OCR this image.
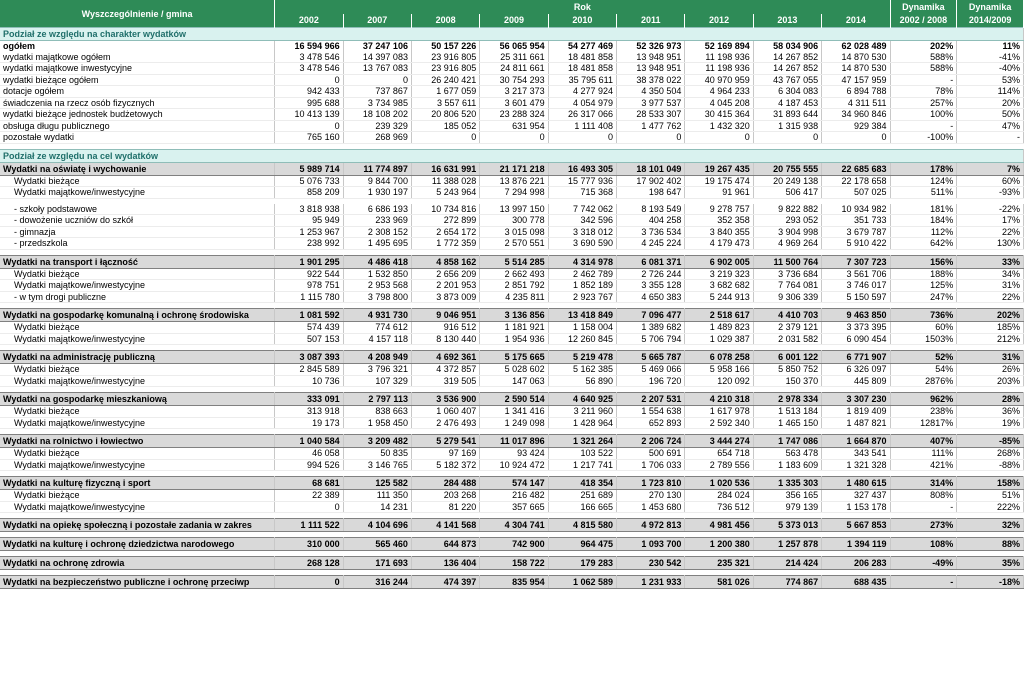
Wyszczególnienie / gmina	Rok									Dynamika	Dynamika
	2002	2007	2008	2009	2010	2011	2012	2013	2014	2002 / 2008	2014/2009
Podział ze względu na charakter wydatków											
ogółem	16 594 966	37 247 106	50 157 226	56 065 954	54 277 469	52 326 973	52 169 894	58 034 906	62 028 489	202%	11%
wydatki majątkowe ogółem	3 478 546	14 397 083	23 916 805	25 311 661	18 481 858	13 948 951	11 198 936	14 267 852	14 870 530	588%	-41%
wydatki majątkowe inwestycyjne	3 478 546	13 767 083	23 916 805	24 811 661	18 481 858	13 948 951	11 198 936	14 267 852	14 870 530	588%	-40%
wydatki bieżące ogółem	0	0	26 240 421	30 754 293	35 795 611	38 378 022	40 970 959	43 767 055	47 157 959	-	53%
dotacje ogółem	942 433	737 867	1 677 059	3 217 373	4 277 924	4 350 504	4 964 233	6 304 083	6 894 788	78%	114%
świadczenia na rzecz osób fizycznych	995 688	3 734 985	3 557 611	3 601 479	4 054 979	3 977 537	4 045 208	4 187 453	4 311 511	257%	20%
wydatki bieżące jednostek budżetowych	10 413 139	18 108 202	20 806 520	23 288 324	26 317 066	28 533 307	30 415 364	31 893 644	34 960 846	100%	50%
obsługa długu publicznego	0	239 329	185 052	631 954	1 111 408	1 477 762	1 432 320	1 315 938	929 384	-	47%
pozostałe wydatki	765 160	268 969	0	0	0	0	0	0	0	-100%	-

Podział ze względu na cel wydatków											
Wydatki na oświatę i wychowanie	5 989 714	11 774 897	16 631 991	21 171 218	16 493 305	18 101 049	19 267 435	20 755 555	22 685 683	178%	7%
Wydatki bieżące	5 076 733	9 844 700	11 388 028	13 876 221	15 777 936	17 902 402	19 175 474	20 249 138	22 178 658	124%	60%
Wydatki majątkowe/inwestycyjne	858 209	1 930 197	5 243 964	7 294 998	715 368	198 647	91 961	506 417	507 025	511%	-93%

- szkoły podstawowe	3 818 938	6 686 193	10 734 816	13 997 150	7 742 062	8 193 549	9 278 757	9 822 882	10 934 982	181%	-22%
- dowożenie uczniów do szkół	95 949	233 969	272 899	300 778	342 596	404 258	352 358	293 052	351 733	184%	17%
- gimnazja	1 253 967	2 308 152	2 654 172	3 015 098	3 318 012	3 736 534	3 840 355	3 904 998	3 679 787	112%	22%
- przedszkola	238 992	1 495 695	1 772 359	2 570 551	3 690 590	4 245 224	4 179 473	4 969 264	5 910 422	642%	130%

Wydatki na transport i łączność	1 901 295	4 486 418	4 858 162	5 514 285	4 314 978	6 081 371	6 902 005	11 500 764	7 307 723	156%	33%
Wydatki bieżące	922 544	1 532 850	2 656 209	2 662 493	2 462 789	2 726 244	3 219 323	3 736 684	3 561 706	188%	34%
Wydatki majątkowe/inwestycyjne	978 751	2 953 568	2 201 953	2 851 792	1 852 189	3 355 128	3 682 682	7 764 081	3 746 017	125%	31%
- w tym drogi publiczne	1 115 780	3 798 800	3 873 009	4 235 811	2 923 767	4 650 383	5 244 913	9 306 339	5 150 597	247%	22%

Wydatki na gospodarkę komunalną i ochronę środowiska	1 081 592	4 931 730	9 046 951	3 136 856	13 418 849	7 096 477	2 518 617	4 410 703	9 463 850	736%	202%
Wydatki bieżące	574 439	774 612	916 512	1 181 921	1 158 004	1 389 682	1 489 823	2 379 121	3 373 395	60%	185%
Wydatki majątkowe/inwestycyjne	507 153	4 157 118	8 130 440	1 954 936	12 260 845	5 706 794	1 029 387	2 031 582	6 090 454	1503%	212%

Wydatki na administrację publiczną	3 087 393	4 208 949	4 692 361	5 175 665	5 219 478	5 665 787	6 078 258	6 001 122	6 771 907	52%	31%
Wydatki bieżące	2 845 589	3 796 321	4 372 857	5 028 602	5 162 385	5 469 066	5 958 166	5 850 752	6 326 097	54%	26%
Wydatki majątkowe/inwestycyjne	10 736	107 329	319 505	147 063	56 890	196 720	120 092	150 370	445 809	2876%	203%

Wydatki na gospodarkę mieszkaniową	333 091	2 797 113	3 536 900	2 590 514	4 640 925	2 207 531	4 210 318	2 978 334	3 307 230	962%	28%
Wydatki bieżące	313 918	838 663	1 060 407	1 341 416	3 211 960	1 554 638	1 617 978	1 513 184	1 819 409	238%	36%
Wydatki majątkowe/inwestycyjne	19 173	1 958 450	2 476 493	1 249 098	1 428 964	652 893	2 592 340	1 465 150	1 487 821	12817%	19%

Wydatki na rolnictwo i łowiectwo	1 040 584	3 209 482	5 279 541	11 017 896	1 321 264	2 206 724	3 444 274	1 747 086	1 664 870	407%	-85%
Wydatki bieżące	46 058	50 835	97 169	93 424	103 522	500 691	654 718	563 478	343 541	111%	268%
Wydatki majątkowe/inwestycyjne	994 526	3 146 765	5 182 372	10 924 472	1 217 741	1 706 033	2 789 556	1 183 609	1 321 328	421%	-88%

Wydatki na kulturę fizyczną i sport	68 681	125 582	284 488	574 147	418 354	1 723 810	1 020 536	1 335 303	1 480 615	314%	158%
Wydatki bieżące	22 389	111 350	203 268	216 482	251 689	270 130	284 024	356 165	327 437	808%	51%
Wydatki majątkowe/inwestycyjne	0	14 231	81 220	357 665	166 665	1 453 680	736 512	979 139	1 153 178	-	222%

Wydatki na opiekę społeczną i pozostałe zadania w zakres	1 111 522	4 104 696	4 141 568	4 304 741	4 815 580	4 972 813	4 981 456	5 373 013	5 667 853	273%	32%

Wydatki na kulturę i ochronę dziedzictwa narodowego	310 000	565 460	644 873	742 900	964 475	1 093 700	1 200 380	1 257 878	1 394 119	108%	88%

Wydatki na ochronę zdrowia	268 128	171 693	136 404	158 722	179 283	230 542	235 321	214 424	206 283	-49%	35%

Wydatki na bezpieczeństwo publiczne i ochronę przeciwp	0	316 244	474 397	835 954	1 062 589	1 231 933	581 026	774 867	688 435	-	-18%
